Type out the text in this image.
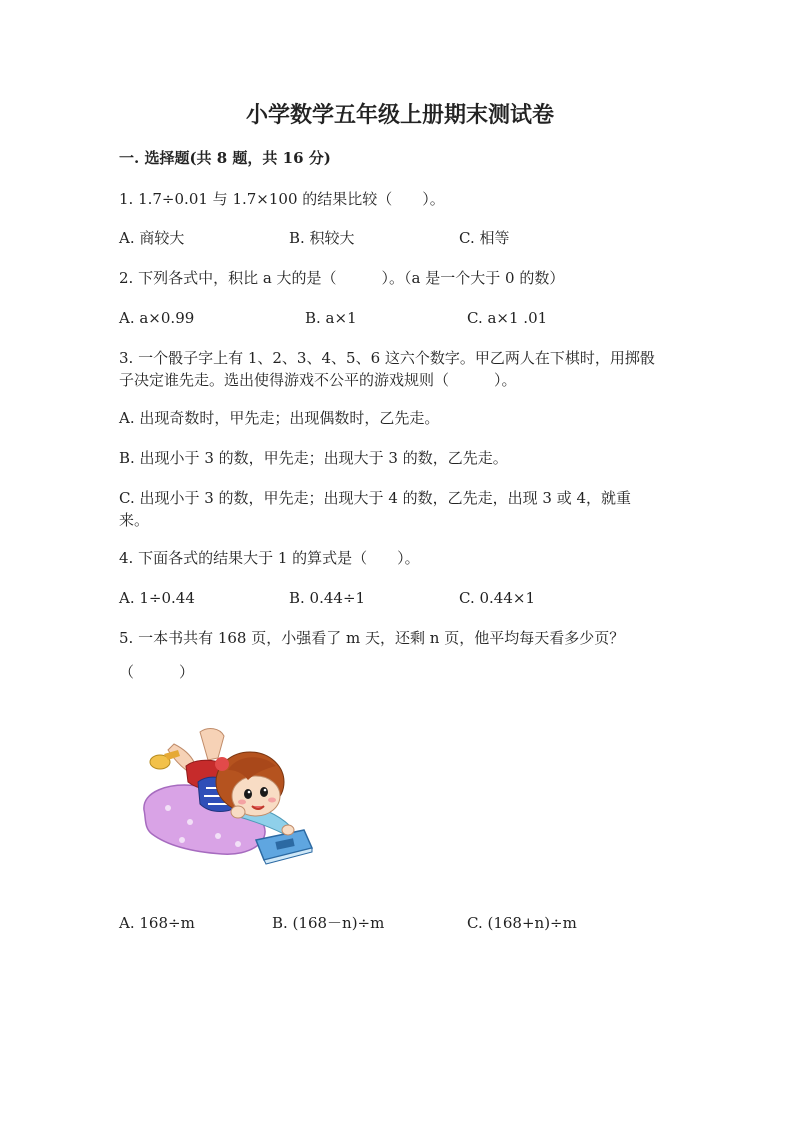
小学数学五年级上册期末测试卷
一. 选择题(共 8 题，共 16 分)
1. 1.7÷0.01 与 1.7×100 的结果比较（　　）。
A. 商较大	B. 积较大	C. 相等
2. 下列各式中，积比 a 大的是（　　　）。（a 是一个大于 0 的数）
A. a×0.99	B. a×1	C. a×1 .01
3. 一个骰子字上有 1、2、3、4、5、6 这六个数字。甲乙两人在下棋时，用掷骰
子决定谁先走。选出使得游戏不公平的游戏规则（　　　）。
A. 出现奇数时，甲先走；出现偶数时，乙先走。
B. 出现小于 3 的数，甲先走；出现大于 3 的数，乙先走。
C. 出现小于 3 的数，甲先走；出现大于 4 的数，乙先走，出现 3 或 4，就重
来。
4. 下面各式的结果大于 1 的算式是（　　）。
A. 1÷0.44	B. 0.44÷1	C. 0.44×1
5. 一本书共有 168 页，小强看了 m 天，还剩 n 页，他平均每天看多少页？
（　　　）
A. 168÷m	B. (168－n)÷m	C. (168+n)÷m
